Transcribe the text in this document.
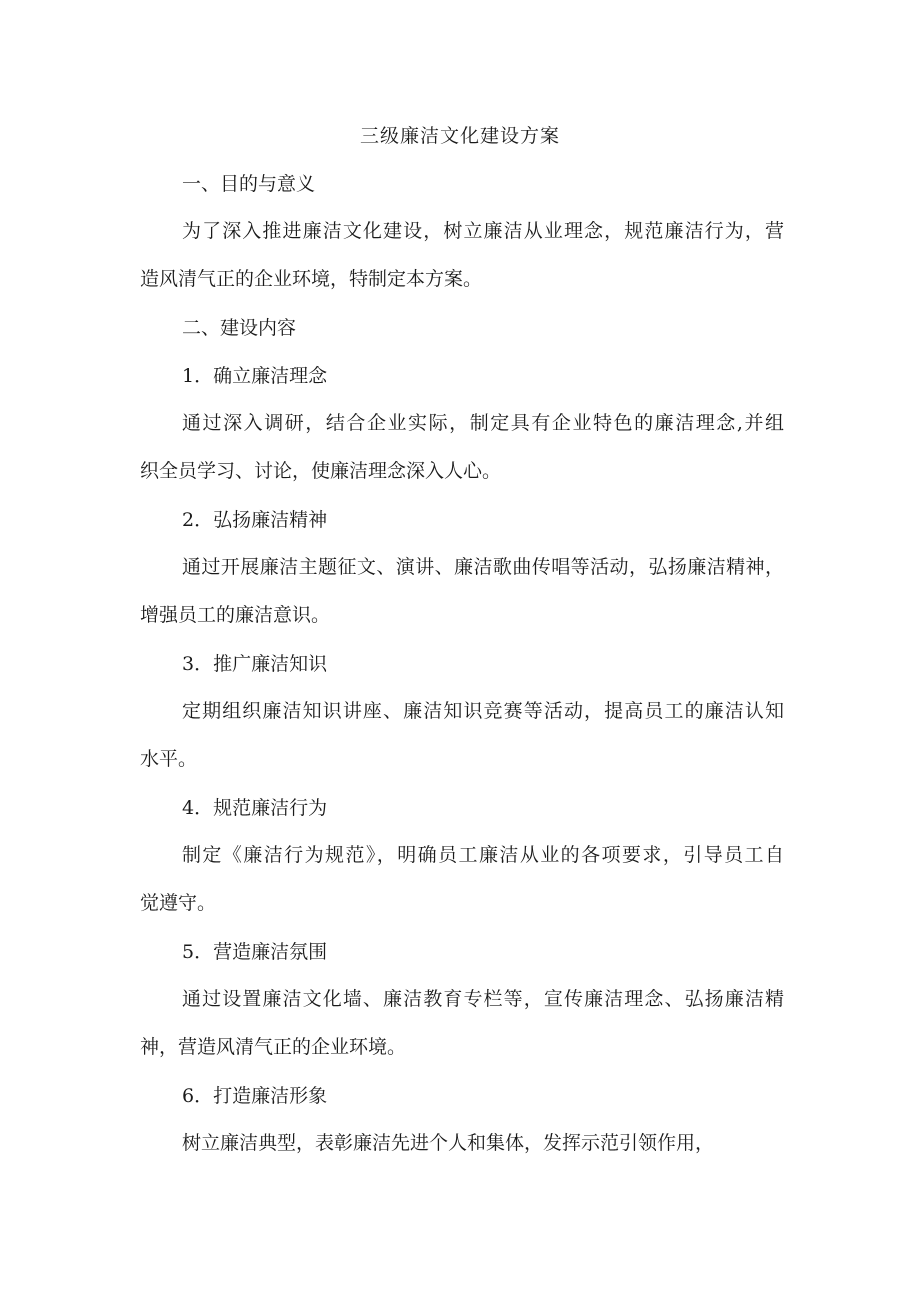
三级廉洁文化建设方案
一、目的与意义
为了深入推进廉洁文化建设，树立廉洁从业理念，规范廉洁行为，营
造风清气正的企业环境，特制定本方案。
二、建设内容
1．确立廉洁理念
通过深入调研，结合企业实际，制定具有企业特色的廉洁理念,并组
织全员学习、讨论，使廉洁理念深入人心。
2．弘扬廉洁精神
通过开展廉洁主题征文、演讲、廉洁歌曲传唱等活动，弘扬廉洁精神，
增强员工的廉洁意识。
3．推广廉洁知识
定期组织廉洁知识讲座、廉洁知识竞赛等活动，提高员工的廉洁认知
水平。
4．规范廉洁行为
制定《廉洁行为规范》，明确员工廉洁从业的各项要求，引导员工自
觉遵守。
5．营造廉洁氛围
通过设置廉洁文化墙、廉洁教育专栏等，宣传廉洁理念、弘扬廉洁精
神，营造风清气正的企业环境。
6．打造廉洁形象
树立廉洁典型，表彰廉洁先进个人和集体，发挥示范引领作用，
